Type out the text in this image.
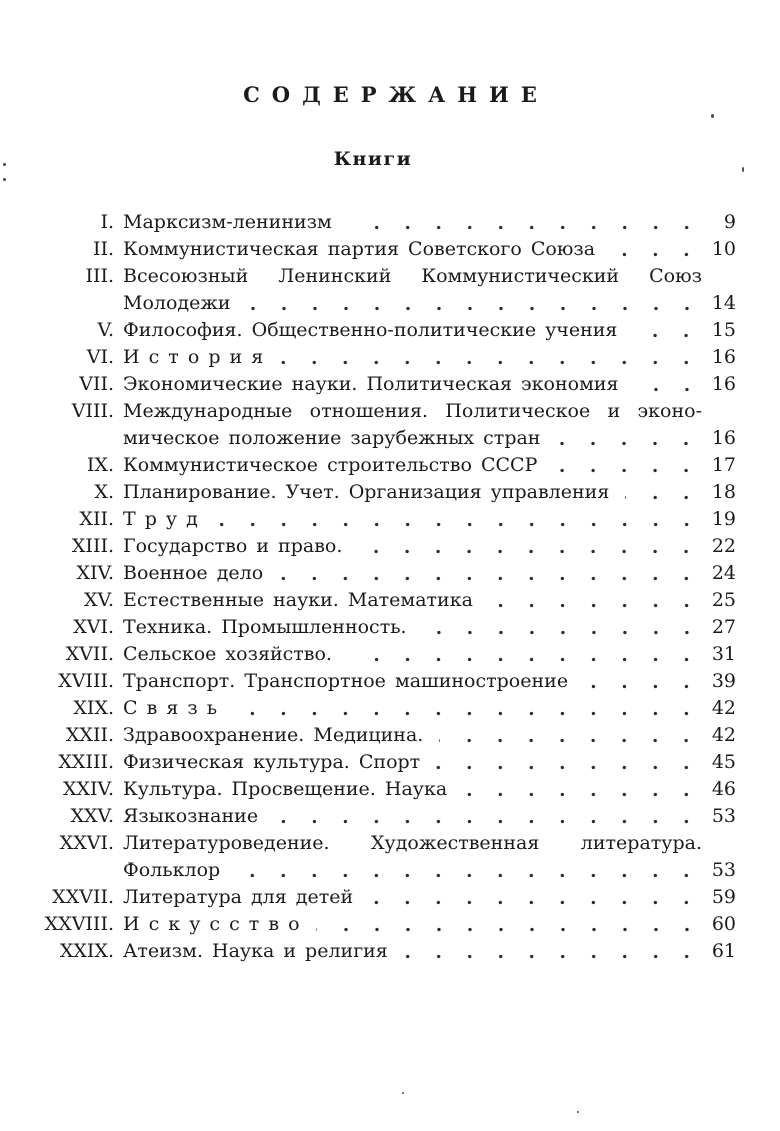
СОДЕРЖАНИЕ
Книги
I. Марксизм-ленинизм	9
II. Коммунистическая партия Советского Союза	10
III. Всесоюзный Ленинский Коммунистический Союз
Молодежи	14
V. Философия. Общественно-политические учения	15
VI. И с т о р и я	16
VII. Экономические науки. Политическая экономия	16
VIII. Международные отношения. Политическое и эконо-
мическое положение зарубежных стран	16
IX. Коммунистическое строительство СССР	17
X. Планирование. Учет. Организация управления	18
XII. Т р у д	19
XIII. Государство и право.	22
XIV. Военное дело	24
XV. Естественные науки. Математика	25
XVI. Техника. Промышленность.	27
XVII. Сельское хозяйство.	31
XVIII. Транспорт. Транспортное машиностроение	39
XIX. С в я з ь	42
XXII. Здравоохранение. Медицина.	42
XXIII. Физическая культура. Спорт	45
XXIV. Культура. Просвещение. Наука	46
XXV. Языкознание	53
XXVI. Литературоведение. Художественная литература.
Фольклор	53
XXVII. Литература для детей	59
XXVIII. И с к у с с т в о	60
XXIX. Атеизм. Наука и религия	61
